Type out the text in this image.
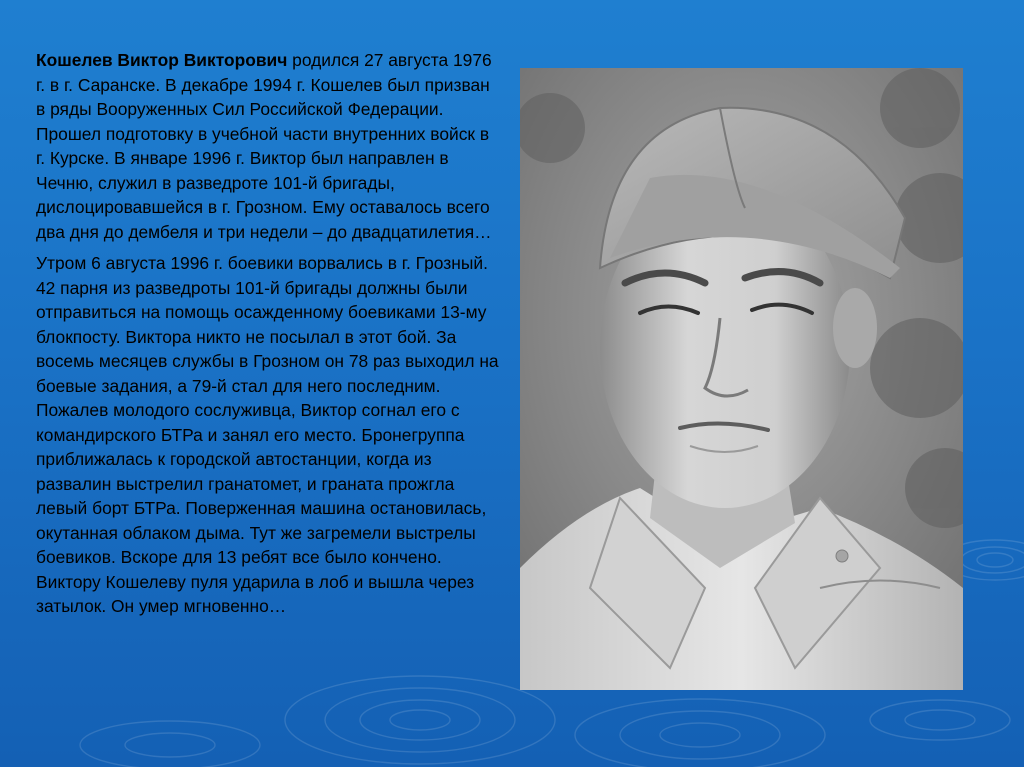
Кошелев Виктор Викторович родился 27 августа 1976 г. в г. Саранске. В декабре 1994 г. Кошелев был призван в ряды Вооруженных Сил Российской Федерации. Прошел подготовку в учебной части внутренних войск в г. Курске. В январе 1996 г. Виктор был направлен в Чечню, служил в разведроте 101-й бригады, дислоцировавшейся в г. Грозном. Ему оставалось всего два дня до дембеля и три недели – до двадцатилетия…

Утром 6 августа 1996 г. боевики ворвались в г. Грозный. 42 парня из разведроты 101-й бригады должны были отправиться на помощь осажденному боевиками 13-му блокпосту. Виктора никто не посылал в этот бой. За восемь месяцев службы в Грозном он 78 раз выходил на боевые задания, а 79-й стал для него последним. Пожалев молодого сослуживца, Виктор согнал его с командирского БТРа и занял его место. Бронегруппа приближалась к городской автостанции, когда из развалин выстрелил гранатомет, и граната прожгла левый борт БТРа. Поверженная машина остановилась, окутанная облаком дыма. Тут же загремели выстрелы боевиков. Вскоре для 13 ребят все было кончено. Виктору Кошелеву пуля ударила в лоб и вышла через затылок. Он умер мгновенно…
